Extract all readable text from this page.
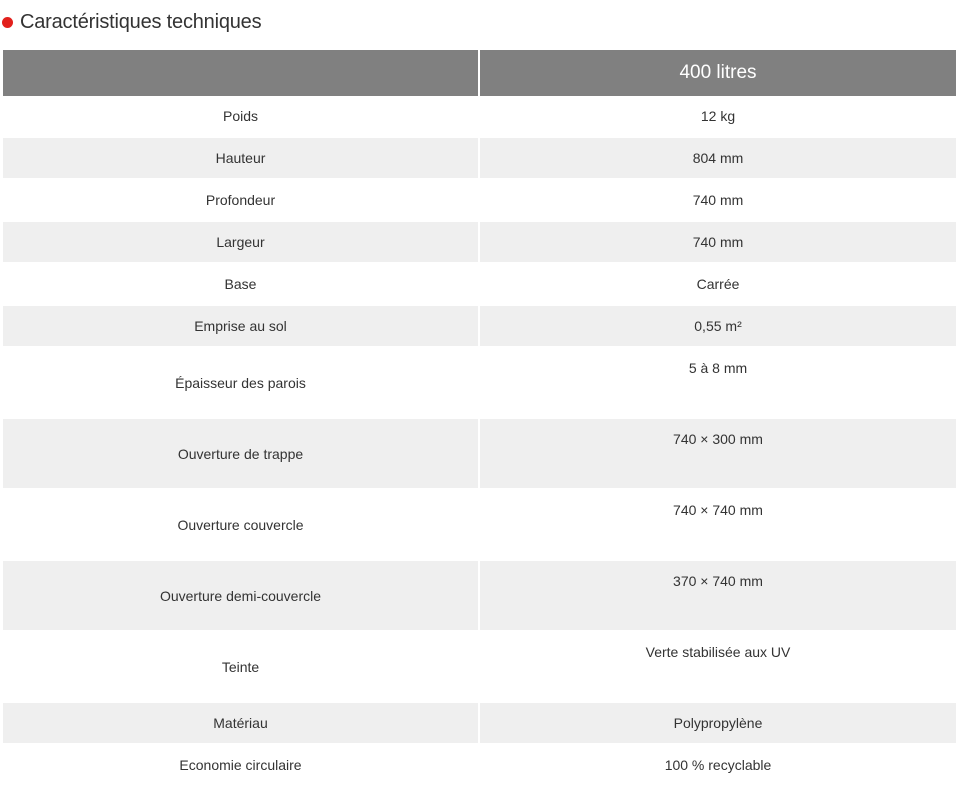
Caractéristiques techniques
	400 litres
Poids	12 kg

Hauteur	804 mm

Profondeur	740 mm

Largeur	740 mm

Base	Carrée

Emprise au sol	0,55 m²

Épaisseur des parois	5 à 8 mm

Ouverture de trappe	740 × 300 mm

Ouverture couvercle	740 × 740 mm

Ouverture demi-couvercle	370 × 740 mm

Teinte	Verte stabilisée aux UV

Matériau	Polypropylène

Economie circulaire	100 % recyclable
